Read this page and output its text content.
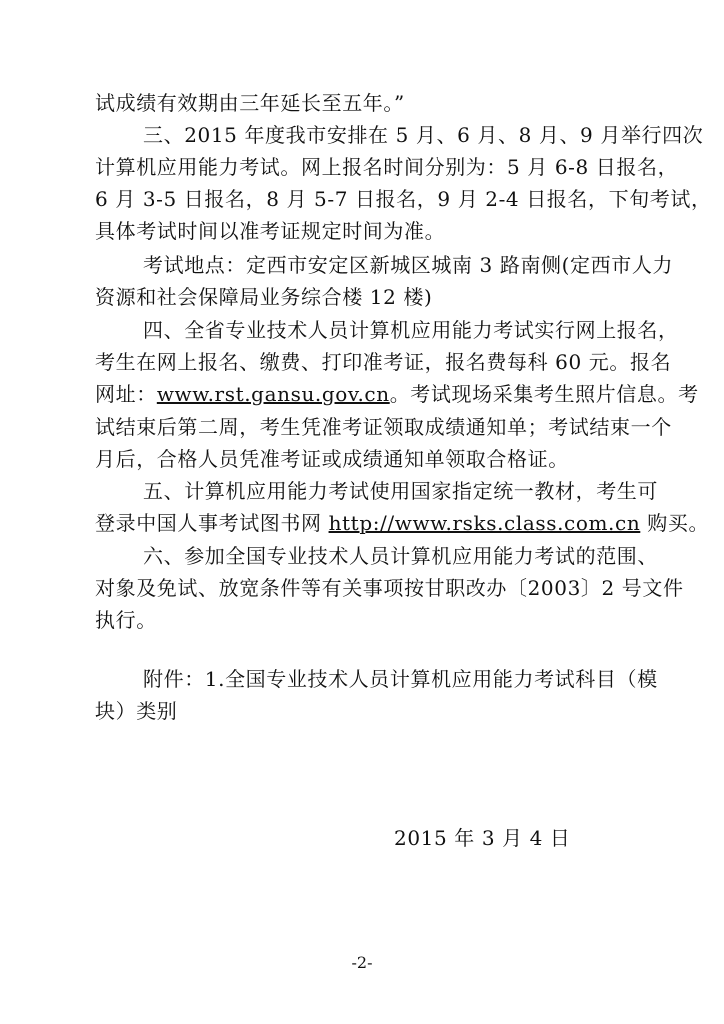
试成绩有效期由三年延长至五年。”
三、2015 年度我市安排在 5 月、6 月、8 月、9 月举行四次
计算机应用能力考试。网上报名时间分别为：5 月 6-8 日报名，
6 月 3-5 日报名，8 月 5-7 日报名，9 月 2-4 日报名，下旬考试，
具体考试时间以准考证规定时间为准。
考试地点：定西市安定区新城区城南 3 路南侧(定西市人力
资源和社会保障局业务综合楼 12 楼)
四、全省专业技术人员计算机应用能力考试实行网上报名，
考生在网上报名、缴费、打印准考证，报名费每科 60 元。报名
网址：www.rst.gansu.gov.cn。考试现场采集考生照片信息。考
试结束后第二周，考生凭准考证领取成绩通知单；考试结束一个
月后，合格人员凭准考证或成绩通知单领取合格证。
五、计算机应用能力考试使用国家指定统一教材，考生可
登录中国人事考试图书网 http://www.rsks.class.com.cn 购买。
六、参加全国专业技术人员计算机应用能力考试的范围、
对象及免试、放宽条件等有关事项按甘职改办〔2003〕2 号文件
执行。
附件：1.全国专业技术人员计算机应用能力考试科目（模
块）类别
2015 年 3 月 4 日
-2-
